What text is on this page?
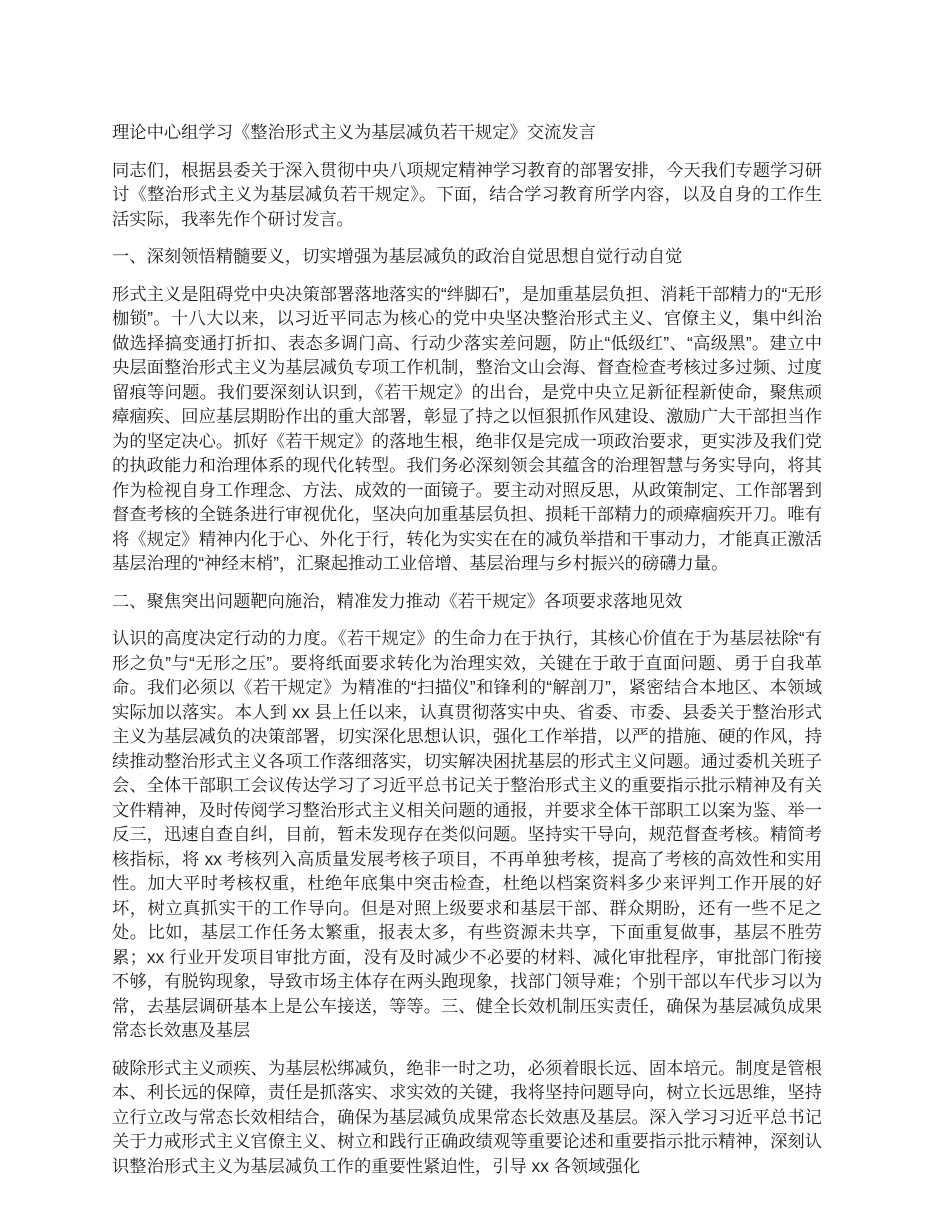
理论中心组学习《整治形式主义为基层减负若干规定》交流发言

同志们，根据县委关于深入贯彻中央八项规定精神学习教育的部署安排，今天我们专题学习研讨《整治形式主义为基层减负若干规定》。下面，结合学习教育所学内容，以及自身的工作生活实际，我率先作个研讨发言。

一、深刻领悟精髓要义，切实增强为基层减负的政治自觉思想自觉行动自觉

形式主义是阻碍党中央决策部署落地落实的“绊脚石”，是加重基层负担、消耗干部精力的“无形枷锁”。十八大以来，以习近平同志为核心的党中央坚决整治形式主义、官僚主义，集中纠治做选择搞变通打折扣、表态多调门高、行动少落实差问题，防止“低级红”、“高级黑”。建立中央层面整治形式主义为基层减负专项工作机制，整治文山会海、督查检查考核过多过频、过度留痕等问题。我们要深刻认识到，《若干规定》的出台，是党中央立足新征程新使命，聚焦顽瘴痼疾、回应基层期盼作出的重大部署，彰显了持之以恒狠抓作风建设、激励广大干部担当作为的坚定决心。抓好《若干规定》的落地生根，绝非仅是完成一项政治要求，更实涉及我们党的执政能力和治理体系的现代化转型。我们务必深刻领会其蕴含的治理智慧与务实导向，将其作为检视自身工作理念、方法、成效的一面镜子。要主动对照反思，从政策制定、工作部署到督查考核的全链条进行审视优化，坚决向加重基层负担、损耗干部精力的顽瘴痼疾开刀。唯有将《规定》精神内化于心、外化于行，转化为实实在在的减负举措和干事动力，才能真正激活基层治理的“神经末梢”，汇聚起推动工业倍增、基层治理与乡村振兴的磅礴力量。

二、聚焦突出问题靶向施治，精准发力推动《若干规定》各项要求落地见效

认识的高度决定行动的力度。《若干规定》的生命力在于执行，其核心价值在于为基层祛除“有形之负”与“无形之压”。要将纸面要求转化为治理实效，关键在于敢于直面问题、勇于自我革命。我们必须以《若干规定》为精准的“扫描仪”和锋利的“解剖刀”，紧密结合本地区、本领域实际加以落实。本人到 xx 县上任以来，认真贯彻落实中央、省委、市委、县委关于整治形式主义为基层减负的决策部署，切实深化思想认识，强化工作举措，以严的措施、硬的作风，持续推动整治形式主义各项工作落细落实，切实解决困扰基层的形式主义问题。通过委机关班子会、全体干部职工会议传达学习了习近平总书记关于整治形式主义的重要指示批示精神及有关文件精神，及时传阅学习整治形式主义相关问题的通报，并要求全体干部职工以案为鉴、举一反三，迅速自查自纠，目前，暂未发现存在类似问题。坚持实干导向，规范督查考核。精简考核指标，将 xx 考核列入高质量发展考核子项目，不再单独考核，提高了考核的高效性和实用性。加大平时考核权重，杜绝年底集中突击检查，杜绝以档案资料多少来评判工作开展的好坏，树立真抓实干的工作导向。但是对照上级要求和基层干部、群众期盼，还有一些不足之处。比如，基层工作任务太繁重，报表太多，有些资源未共享，下面重复做事，基层不胜劳累；xx 行业开发项目审批方面，没有及时减少不必要的材料、减化审批程序，审批部门衔接不够，有脱钩现象，导致市场主体存在两头跑现象，找部门领导难；个别干部以车代步习以为常，去基层调研基本上是公车接送，等等。三、健全长效机制压实责任，确保为基层减负成果常态长效惠及基层

破除形式主义顽疾、为基层松绑减负，绝非一时之功，必须着眼长远、固本培元。制度是管根本、利长远的保障，责任是抓落实、求实效的关键，我将坚持问题导向，树立长远思维，坚持立行立改与常态长效相结合，确保为基层减负成果常态长效惠及基层。深入学习习近平总书记关于力戒形式主义官僚主义、树立和践行正确政绩观等重要论述和重要指示批示精神，深刻认识整治形式主义为基层减负工作的重要性紧迫性，引导 xx 各领域强化
